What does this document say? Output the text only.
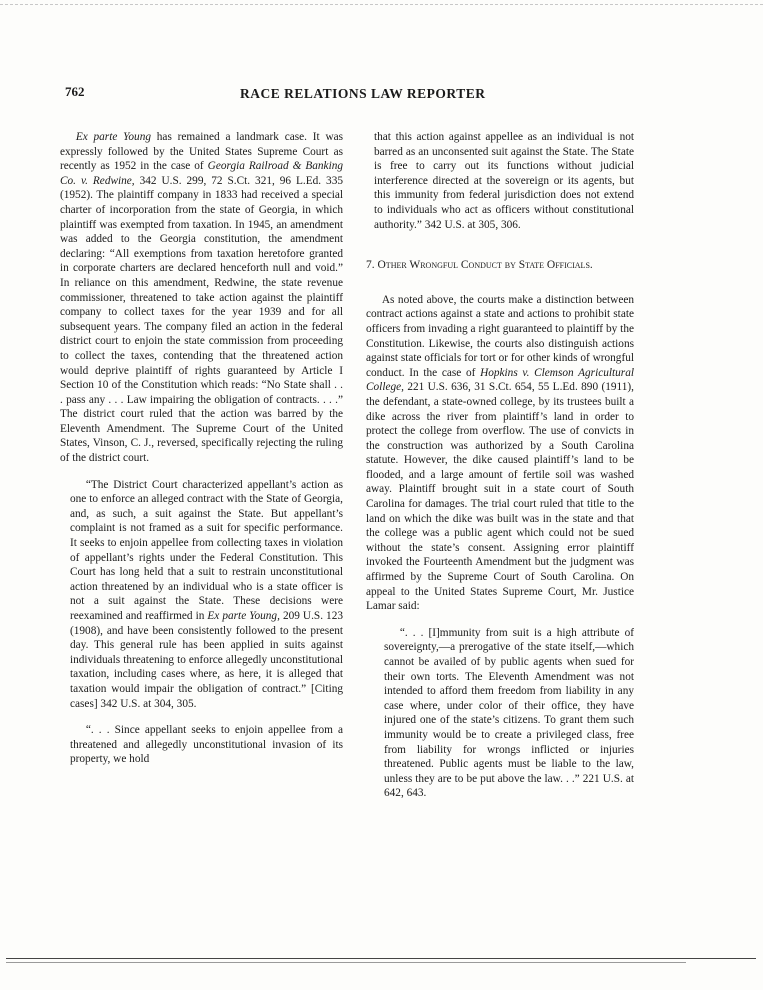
762	RACE RELATIONS LAW REPORTER

Ex parte Young has remained a landmark case. It was expressly followed by the United States Supreme Court as recently as 1952 in the case of Georgia Railroad & Banking Co. v. Redwine, 342 U.S. 299, 72 S.Ct. 321, 96 L.Ed. 335 (1952). The plaintiff company in 1833 had received a special charter of incorporation from the state of Georgia, in which plaintiff was exempted from taxation. In 1945, an amendment was added to the Georgia constitution, the amendment declaring: “All exemptions from taxation heretofore granted in corporate charters are declared henceforth null and void.” In reliance on this amendment, Redwine, the state revenue commissioner, threatened to take action against the plaintiff company to collect taxes for the year 1939 and for all subsequent years. The company filed an action in the federal district court to enjoin the state commission from proceeding to collect the taxes, contending that the threatened action would deprive plaintiff of rights guaranteed by Article I Section 10 of the Constitution which reads: “No State shall . . . pass any . . . Law impairing the obligation of contracts. . . .” The district court ruled that the action was barred by the Eleventh Amendment. The Supreme Court of the United States, Vinson, C. J., reversed, specifically rejecting the ruling of the district court.

“The District Court characterized appellant’s action as one to enforce an alleged contract with the State of Georgia, and, as such, a suit against the State. But appellant’s complaint is not framed as a suit for specific performance. It seeks to enjoin appellee from collecting taxes in violation of appellant’s rights under the Federal Constitution. This Court has long held that a suit to restrain unconstitutional action threatened by an individual who is a state officer is not a suit against the State. These decisions were reexamined and reaffirmed in Ex parte Young, 209 U.S. 123 (1908), and have been consistently followed to the present day. This general rule has been applied in suits against individuals threatening to enforce allegedly unconstitutional taxation, including cases where, as here, it is alleged that taxation would impair the obligation of contract.” [Citing cases] 342 U.S. at 304, 305.

“. . . Since appellant seeks to enjoin appellee from a threatened and allegedly unconstitutional invasion of its property, we hold

that this action against appellee as an individual is not barred as an unconsented suit against the State. The State is free to carry out its functions without judicial interference directed at the sovereign or its agents, but this immunity from federal jurisdiction does not extend to individuals who act as officers without constitutional authority.” 342 U.S. at 305, 306.

7. Other Wrongful Conduct by State Officials.

As noted above, the courts make a distinction between contract actions against a state and actions to prohibit state officers from invading a right guaranteed to plaintiff by the Constitution. Likewise, the courts also distinguish actions against state officials for tort or for other kinds of wrongful conduct. In the case of Hopkins v. Clemson Agricultural College, 221 U.S. 636, 31 S.Ct. 654, 55 L.Ed. 890 (1911), the defendant, a state-owned college, by its trustees built a dike across the river from plaintiff’s land in order to protect the college from overflow. The use of convicts in the construction was authorized by a South Carolina statute. However, the dike caused plaintiff’s land to be flooded, and a large amount of fertile soil was washed away. Plaintiff brought suit in a state court of South Carolina for damages. The trial court ruled that title to the land on which the dike was built was in the state and that the college was a public agent which could not be sued without the state’s consent. Assigning error plaintiff invoked the Fourteenth Amendment but the judgment was affirmed by the Supreme Court of South Carolina. On appeal to the United States Supreme Court, Mr. Justice Lamar said:

“. . . [I]mmunity from suit is a high attribute of sovereignty,—a prerogative of the state itself,—which cannot be availed of by public agents when sued for their own torts. The Eleventh Amendment was not intended to afford them freedom from liability in any case where, under color of their office, they have injured one of the state’s citizens. To grant them such immunity would be to create a privileged class, free from liability for wrongs inflicted or injuries threatened. Public agents must be liable to the law, unless they are to be put above the law. . .” 221 U.S. at 642, 643.
